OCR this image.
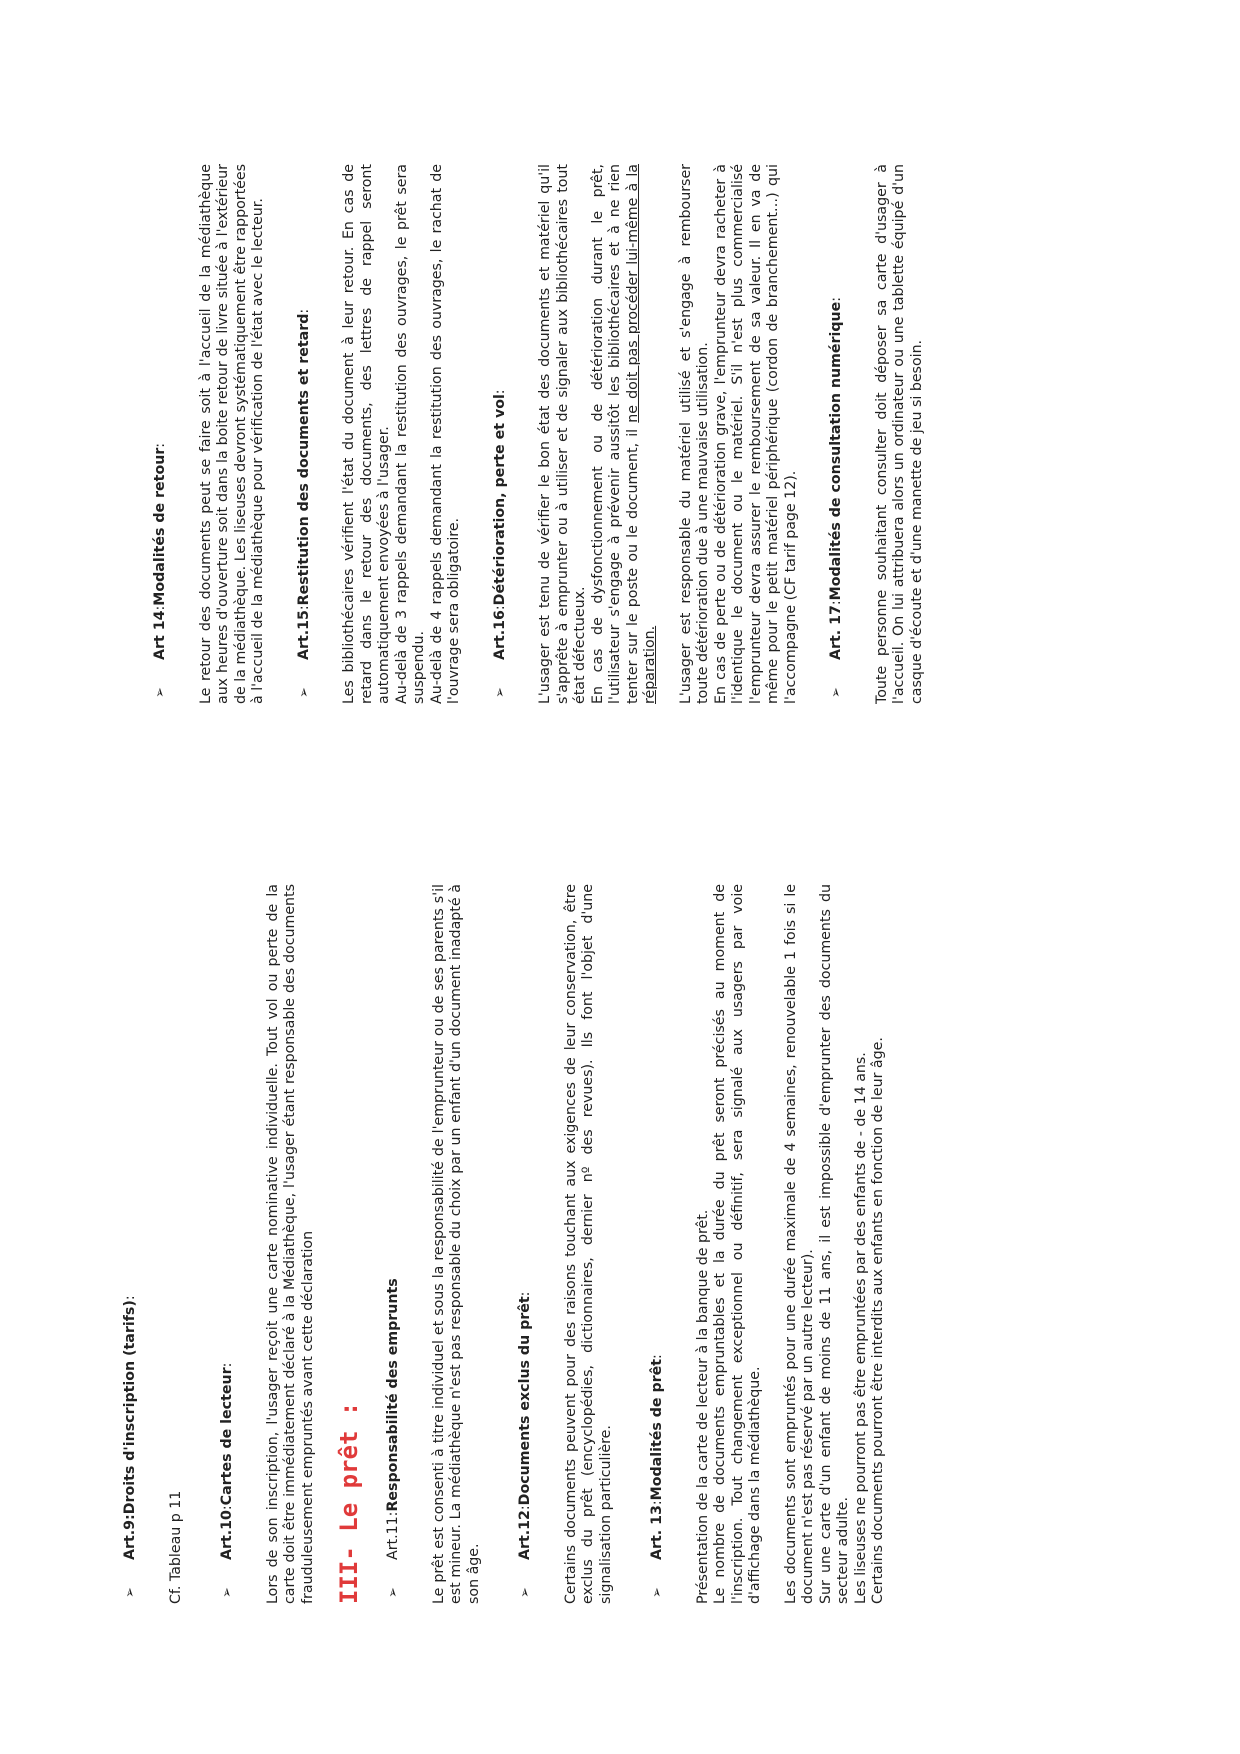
➢
Art.9
:
Droits d'inscription (tarifs)
:

Cf. Tableau p 11	➢
Art.10
:
Cartes de lecteur
: Lors de son inscription, l'usager reçoit une carte nominative individuelle. Tout vol ou perte de la carte doit être immédiatement déclaré à la Médiathèque, l'usager étant responsable des documents frauduleusement empruntés avant cette déclaration III- Le prêt : ➢
Art.11
:
Responsabilité des emprunts Le prêt est consenti à titre individuel et sous la responsabilité de l'emprunteur ou de ses parents s'il est mineur. La médiathèque n'est pas responsable du choix par un enfant d'un document inadapté à son âge.	➢
Art.12
:
Documents exclus du prêt
: Certains documents peuvent pour des raisons touchant aux exigences de leur conservation, être exclus du prêt (encyclopédies, dictionnaires, dernier nº des revues). Ils font l'objet d'une signalisation particulière.	➢
Art. 13
:
Modalités de prêt
: Présentation de la carte de lecteur à la banque de prêt. Le nombre de documents empruntables et la durée du prêt seront précisés au moment de l'inscription. Tout changement exceptionnel ou définitif, sera signalé aux usagers par voie d'affichage dans la médiathèque. Les documents sont empruntés pour une durée maximale de 4 semaines, renouvelable 1 fois si le document n'est pas réservé par un autre lecteur). Sur une carte d'un enfant de moins de 11 ans, il est impossible d'emprunter des documents du secteur adulte. Les liseuses ne pourront pas être empruntées par des enfants de - de 14 ans. Certains documents pourront être interdits aux enfants en fonction de leur âge.

➢
Art 14
:
Modalités de retour
: Le retour des documents peut se faire soit à l'accueil de la médiathèque aux heures d'ouverture soit dans la boite retour de livre située à l'extérieur de la médiathèque. Les liseuses devront systématiquement être rapportées à l'accueil de la médiathèque pour vérification de l'état avec le lecteur. ➢
Art.15
:
Restitution des documents et retard
: Les bibliothécaires vérifient l'état du document à leur retour. En cas de retard dans le retour des documents, des lettres de rappel seront automatiquement envoyées à l'usager. Au-delà de 3 rappels demandant la restitution des ouvrages, le prêt sera suspendu. Au-delà de 4 rappels demandant la restitution des ouvrages, le rachat de l'ouvrage sera obligatoire. ➢
Art.16
:
Détérioration, perte et vol
: L'usager est tenu de vérifier le bon état des documents et matériel qu'il s'apprête à emprunter ou à utiliser et de signaler aux bibliothécaires tout état défectueux. En cas de dysfonctionnement ou de détérioration durant le prêt, l'utilisateur s'engage à prévenir aussitôt les bibliothécaires et à ne rien tenter sur le poste ou le document, il ne doit pas procéder lui-même à la réparation. L'usager est responsable du matériel utilisé et s'engage à rembourser toute détérioration due à une mauvaise utilisation. En cas de perte ou de détérioration grave, l'emprunteur devra racheter à l'identique le document ou le matériel. S'il n'est plus commercialisé l'emprunteur devra assurer le remboursement de sa valeur. Il en va de même pour le petit matériel périphérique (cordon de branchement…) qui l'accompagne (CF tarif page 12). ➢
Art. 17
:
Modalités de consultation numérique
: Toute personne souhaitant consulter doit déposer sa carte d'usager à l'accueil. On lui attribuera alors un ordinateur ou une tablette équipé d'un casque d'écoute et d'une manette de jeu si besoin.
